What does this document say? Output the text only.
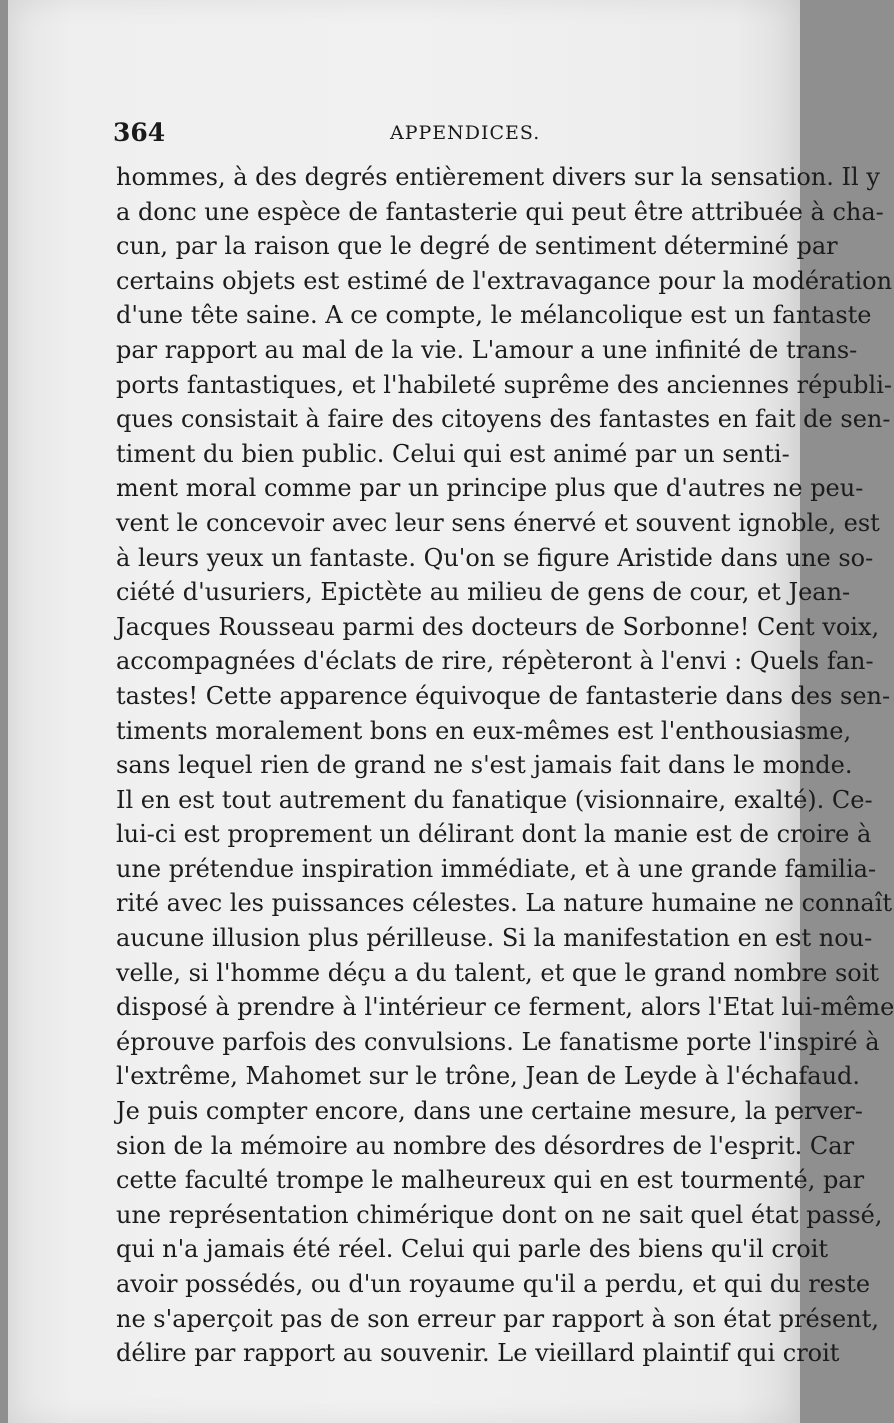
364	APPENDICES.
hommes, à des degrés entièrement divers sur la sensation. Il y
a donc une espèce de fantasterie qui peut être attribuée à cha-
cun, par la raison que le degré de sentiment déterminé par
certains objets est estimé de l'extravagance pour la modération
d'une tête saine. A ce compte, le mélancolique est un fantaste
par rapport au mal de la vie. L'amour a une infinité de trans-
ports fantastiques, et l'habileté suprême des anciennes républi-
ques consistait à faire des citoyens des fantastes en fait de sen-
timent du bien public. Celui qui est animé par un senti-
ment moral comme par un principe plus que d'autres ne peu-
vent le concevoir avec leur sens énervé et souvent ignoble, est
à leurs yeux un fantaste. Qu'on se figure Aristide dans une so-
ciété d'usuriers, Epictète au milieu de gens de cour, et Jean-
Jacques Rousseau parmi des docteurs de Sorbonne! Cent voix,
accompagnées d'éclats de rire, répèteront à l'envi : Quels fan-
tastes! Cette apparence équivoque de fantasterie dans des sen-
timents moralement bons en eux-mêmes est l'enthousiasme,
sans lequel rien de grand ne s'est jamais fait dans le monde.
Il en est tout autrement du fanatique (visionnaire, exalté). Ce-
lui-ci est proprement un délirant dont la manie est de croire à
une prétendue inspiration immédiate, et à une grande familia-
rité avec les puissances célestes. La nature humaine ne connaît
aucune illusion plus périlleuse. Si la manifestation en est nou-
velle, si l'homme déçu a du talent, et que le grand nombre soit
disposé à prendre à l'intérieur ce ferment, alors l'Etat lui-même
éprouve parfois des convulsions. Le fanatisme porte l'inspiré à
l'extrême, Mahomet sur le trône, Jean de Leyde à l'échafaud.
Je puis compter encore, dans une certaine mesure, la perver-
sion de la mémoire au nombre des désordres de l'esprit. Car
cette faculté trompe le malheureux qui en est tourmenté, par
une représentation chimérique dont on ne sait quel état passé,
qui n'a jamais été réel. Celui qui parle des biens qu'il croit
avoir possédés, ou d'un royaume qu'il a perdu, et qui du reste
ne s'aperçoit pas de son erreur par rapport à son état présent,
délire par rapport au souvenir. Le vieillard plaintif qui croit
